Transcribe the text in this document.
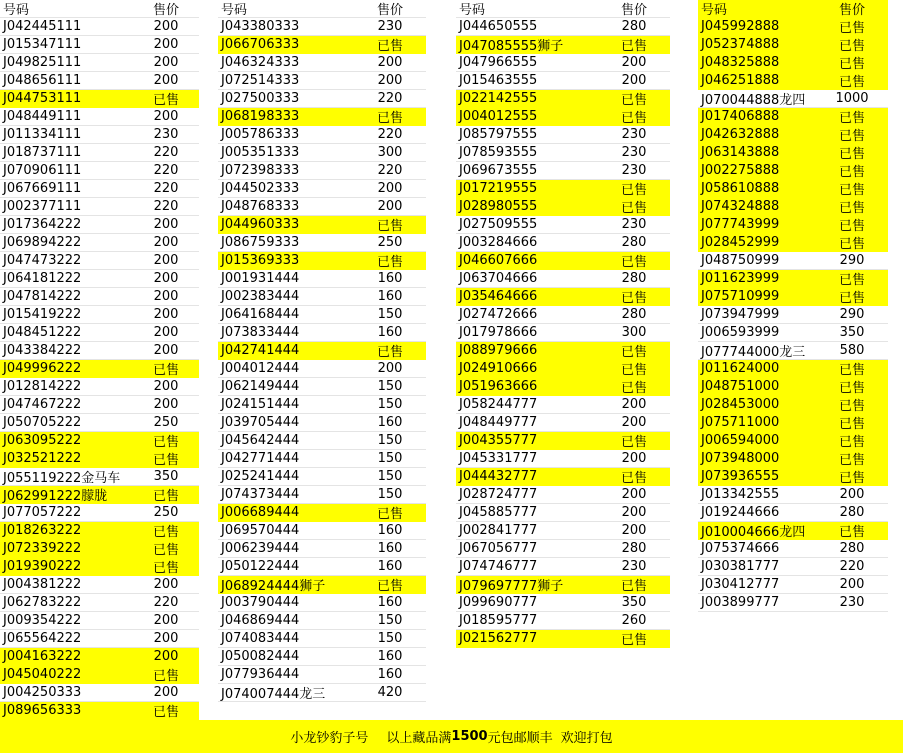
号码	售价
J042445111	200
J015347111	200
J049825111	200
J048656111	200
J044753111	已售
J048449111	200
J011334111	230
J018737111	220
J070906111	220
J067669111	220
J002377111	220
J017364222	200
J069894222	200
J047473222	200
J064181222	200
J047814222	200
J015419222	200
J048451222	200
J043384222	200
J049996222	已售
J012814222	200
J047467222	200
J050705222	250
J063095222	已售
J032521222	已售
J055119222金马车	350
J062991222朦胧	已售
J077057222	250
J018263222	已售
J072339222	已售
J019390222	已售
J004381222	200
J062783222	220
J009354222	200
J065564222	200
J004163222	200
J045040222	已售
J004250333	200
J089656333	已售
号码	售价
J043380333	230
J066706333	已售
J046324333	200
J072514333	200
J027500333	220
J068198333	已售
J005786333	220
J005351333	300
J072398333	220
J044502333	200
J048768333	200
J044960333	已售
J086759333	250
J015369333	已售
J001931444	160
J002383444	160
J064168444	150
J073833444	160
J042741444	已售
J004012444	200
J062149444	150
J024151444	150
J039705444	160
J045642444	150
J042771444	150
J025241444	150
J074373444	150
J006689444	已售
J069570444	160
J006239444	160
J050122444	160
J068924444狮子	已售
J003790444	160
J046869444	150
J074083444	150
J050082444	160
J077936444	160
J074007444龙三	420
号码	售价
J044650555	280
J047085555狮子	已售
J047966555	200
J015463555	200
J022142555	已售
J004012555	已售
J085797555	230
J078593555	230
J069673555	230
J017219555	已售
J028980555	已售
J027509555	230
J003284666	280
J046607666	已售
J063704666	280
J035464666	已售
J027472666	280
J017978666	300
J088979666	已售
J024910666	已售
J051963666	已售
J058244777	200
J048449777	200
J004355777	已售
J045331777	200
J044432777	已售
J028724777	200
J045885777	200
J002841777	200
J067056777	280
J074746777	230
J079697777狮子	已售
J099690777	350
J018595777	260
J021562777	已售
号码	售价
J045992888	已售
J052374888	已售
J048325888	已售
J046251888	已售
J070044888龙四	1000
J017406888	已售
J042632888	已售
J063143888	已售
J002275888	已售
J058610888	已售
J074324888	已售
J077743999	已售
J028452999	已售
J048750999	290
J011623999	已售
J075710999	已售
J073947999	290
J006593999	350
J077744000龙三	580
J011624000	已售
J048751000	已售
J028453000	已售
J075711000	已售
J006594000	已售
J073948000	已售
J073936555	已售
J013342555	200
J019244666	280
J010004666龙四	已售
J075374666	280
J030381777	220
J030412777	200
J003899777	230
小龙钞豹子号 以上藏品满 1500 元包邮顺丰 欢迎打包
